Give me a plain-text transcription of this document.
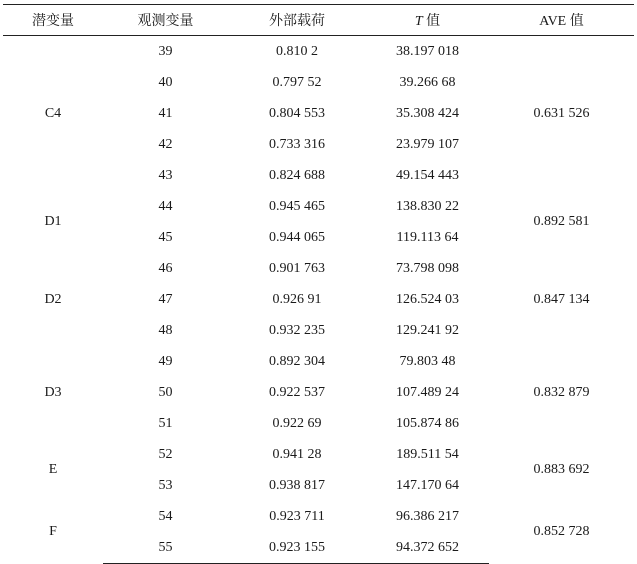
潜变量	观测变量	外部载荷	T 值	AVE 值
C4	39	0.810 2	38.197 018	0.631 526
	40	0.797 52	39.266 68	
	41	0.804 553	35.308 424	
	42	0.733 316	23.979 107	
	43	0.824 688	49.154 443	
D1	44	0.945 465	138.830 22	0.892 581
	45	0.944 065	119.113 64	
D2	46	0.901 763	73.798 098	0.847 134
	47	0.926 91	126.524 03	
	48	0.932 235	129.241 92	
D3	49	0.892 304	79.803 48	0.832 879
	50	0.922 537	107.489 24	
	51	0.922 69	105.874 86	
E	52	0.941 28	189.511 54	0.883 692
	53	0.938 817	147.170 64	
F	54	0.923 711	96.386 217	0.852 728
	55	0.923 155	94.372 652	
